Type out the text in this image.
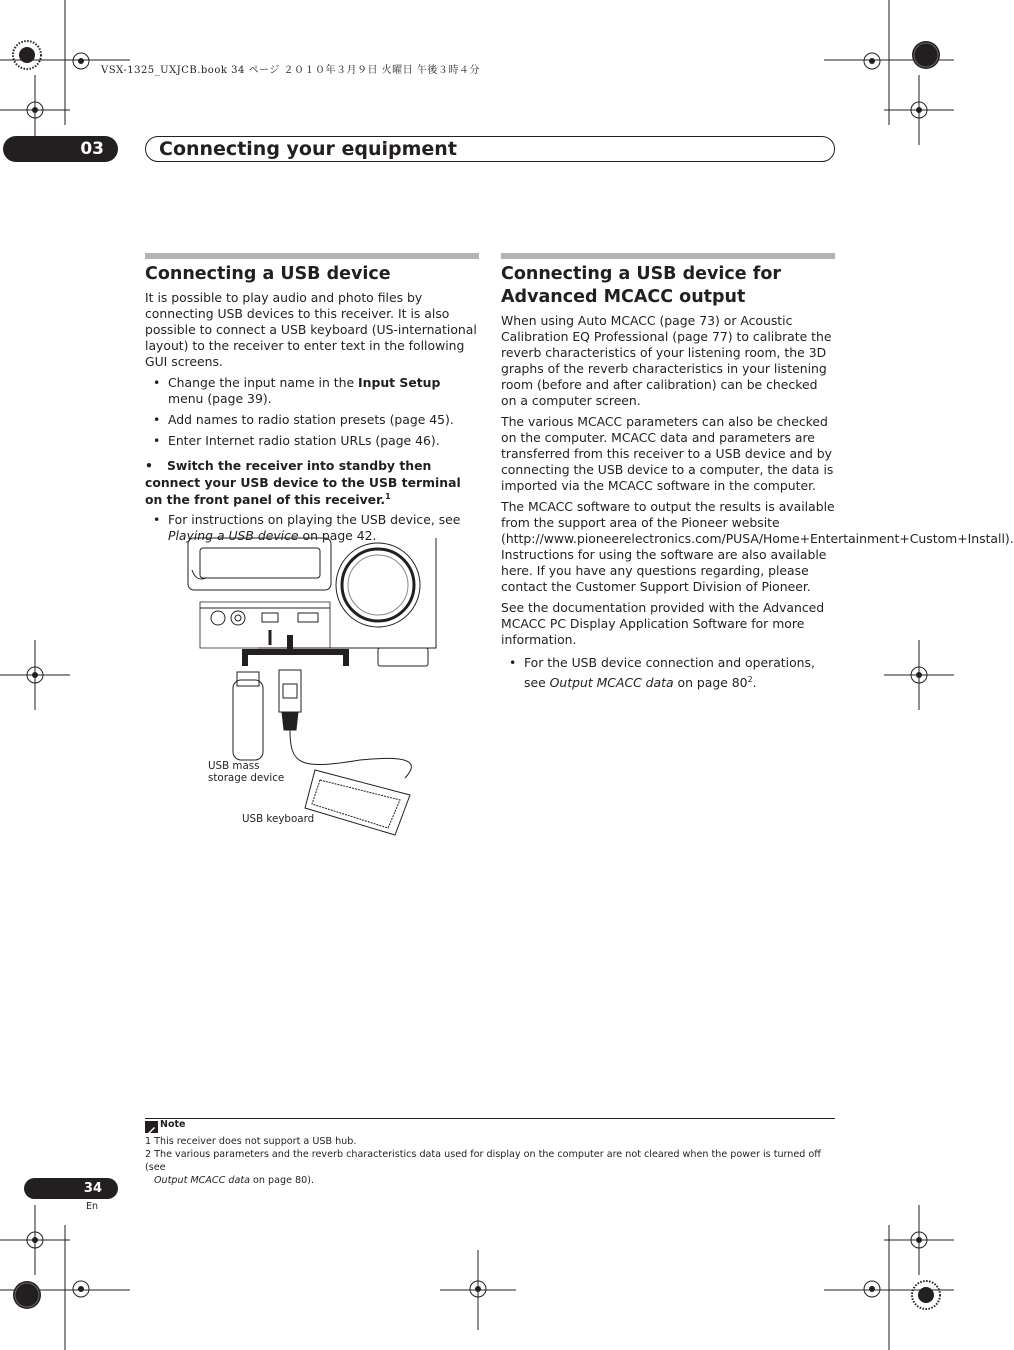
VSX-1325_UXJCB.book 34 ページ ２０１０年３月９日 火曜日 午後３時４分
03	Connecting your equipment
Connecting a USB device

It is possible to play audio and photo files by connecting USB devices to this receiver. It is also possible to connect a USB keyboard (US-international layout) to the receiver to enter text in the following GUI screens.

• Change the input name in the Input Setup menu (page 39).
• Add names to radio station presets (page 45).
• Enter Internet radio station URLs (page 46).
• Switch the receiver into standby then connect your USB device to the USB terminal on the front panel of this receiver.$^1$
• For instructions on playing the USB device, see Playing a USB device on page 42.
USB mass
storage device
USB keyboard
Connecting a USB device for Advanced MCACC output

When using Auto MCACC (page 73) or Acoustic Calibration EQ Professional (page 77) to calibrate the reverb characteristics of your listening room, the 3D graphs of the reverb characteristics in your listening room (before and after calibration) can be checked on a computer screen.

The various MCACC parameters can also be checked on the computer. MCACC data and parameters are transferred from this receiver to a USB device and by connecting the USB device to a computer, the data is imported via the MCACC software in the computer.

The MCACC software to output the results is available from the support area of the Pioneer website (http://www.pioneerelectronics.com/PUSA/Home+Entertainment+Custom+Install). Instructions for using the software are also available here. If you have any questions regarding, please contact the Customer Support Division of Pioneer.

See the documentation provided with the Advanced MCACC PC Display Application Software for more information.

• For the USB device connection and operations, see Output MCACC data on page $80^2$.
Note
1 This receiver does not support a USB hub.
2 The various parameters and the reverb characteristics data used for display on the computer are not cleared when the power is turned off (see
Output MCACC data on page 80).
34
En
